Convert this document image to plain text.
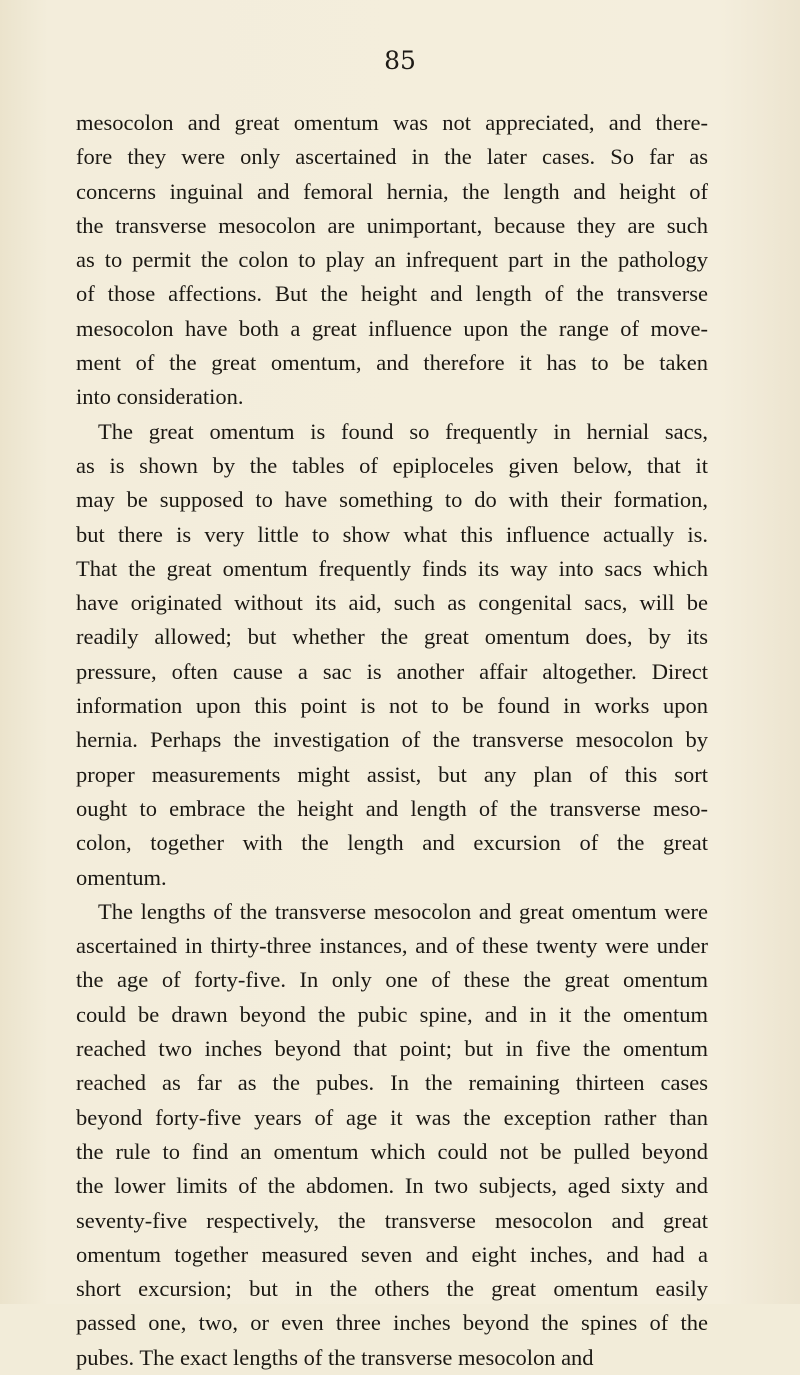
85
mesocolon and great omentum was not appreciated, and there-
fore they were only ascertained in the later cases. So far as
concerns inguinal and femoral hernia, the length and height of
the transverse mesocolon are unimportant, because they are such
as to permit the colon to play an infrequent part in the pathology
of those affections. But the height and length of the transverse
mesocolon have both a great influence upon the range of move-
ment of the great omentum, and therefore it has to be taken
into consideration.
The great omentum is found so frequently in hernial sacs,
as is shown by the tables of epiploceles given below, that it
may be supposed to have something to do with their formation,
but there is very little to show what this influence actually is.
That the great omentum frequently finds its way into sacs which
have originated without its aid, such as congenital sacs, will be
readily allowed; but whether the great omentum does, by its
pressure, often cause a sac is another affair altogether. Direct
information upon this point is not to be found in works upon
hernia. Perhaps the investigation of the transverse mesocolon by
proper measurements might assist, but any plan of this sort
ought to embrace the height and length of the transverse meso-
colon, together with the length and excursion of the great
omentum.
The lengths of the transverse mesocolon and great omentum were
ascertained in thirty-three instances, and of these twenty were under
the age of forty-five. In only one of these the great omentum
could be drawn beyond the pubic spine, and in it the omentum
reached two inches beyond that point; but in five the omentum
reached as far as the pubes. In the remaining thirteen cases
beyond forty-five years of age it was the exception rather than
the rule to find an omentum which could not be pulled beyond
the lower limits of the abdomen. In two subjects, aged sixty and
seventy-five respectively, the transverse mesocolon and great
omentum together measured seven and eight inches, and had a
short excursion; but in the others the great omentum easily
passed one, two, or even three inches beyond the spines of the
pubes. The exact lengths of the transverse mesocolon and
